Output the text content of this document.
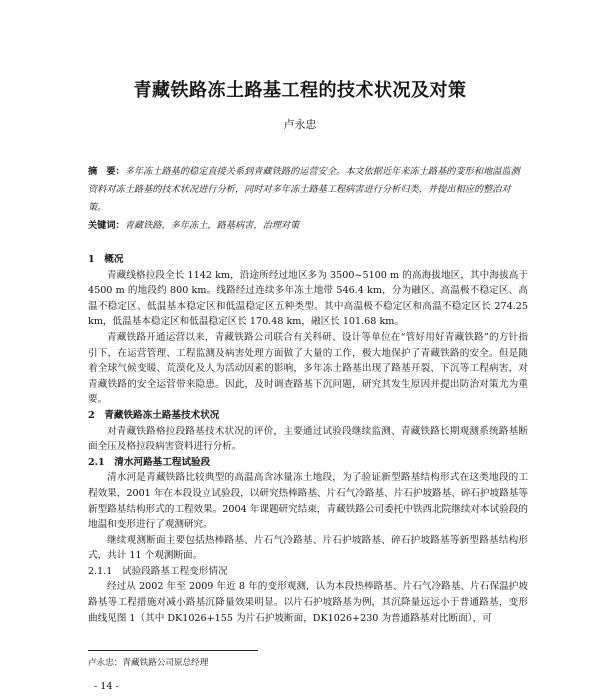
青藏铁路冻土路基工程的技术状况及对策
卢永忠

摘　要：多年冻土路基的稳定直接关系到青藏铁路的运营安全。本文依据近年来冻土路基的变形和地温监测资料对冻土路基的技术状况进行分析，同时对多年冻土路基工程病害进行分析归类，并提出相应的整治对策。

关键词：青藏铁路，多年冻土，路基病害，治理对策

1　概况

青藏线格拉段全长 1142 km，沿途所经过地区多为 3500~5100 m 的高海拔地区，其中海拔高于 4500 m 的地段约 800 km。线路经过连续多年冻土地带 546.4 km，分为融区、高温极不稳定区、高温不稳定区、低温基本稳定区和低温稳定区五种类型。其中高温极不稳定区和高温不稳定区长 274.25 km，低温基本稳定区和低温稳定区长 170.48 km，融区长 101.68 km。

青藏铁路开通运营以来，青藏铁路公司联合有关科研、设计等单位在“管好用好青藏铁路”的方针指引下，在运营管理、工程监测及病害处理方面做了大量的工作，极大地保护了青藏铁路的安全。但是随着全球气候变暖、荒漠化及人为活动因素的影响，多年冻土路基出现了路基开裂、下沉等工程病害，对青藏铁路的安全运营带来隐患。因此，及时调查路基下沉问题，研究其发生原因并提出防治对策尤为重要。

2　青藏铁路冻土路基技术状况

对青藏铁路格拉段路基技术状况的评价，主要通过试验段继续监测、青藏铁路长期观测系统路基断面全压及格拉段病害资料进行分析。

2.1　清水河路基工程试验段

清水河是青藏铁路比较典型的高温高含冰量冻土地段，为了验证新型路基结构形式在这类地段的工程效果，2001 年在本段设立试验段，以研究热棒路基、片石气冷路基、片石护坡路基、碎石护坡路基等新型路基结构形式的工程效果。2004 年课题研究结束，青藏铁路公司委托中铁西北院继续对本试验段的地温和变形进行了观测研究。

继续观测断面主要包括热棒路基、片石气冷路基、片石护坡路基、碎石护坡路基等新型路基结构形式，共计 11 个观测断面。

2.1.1　试验段路基工程变形情况

经过从 2002 年至 2009 年近 8 年的变形观测，认为本段热棒路基、片石气冷路基、片石保温护坡路基等工程措施对减小路基沉降量效果明显。以片石护坡路基为例，其沉降量远远小于普通路基，变形曲线见图 1（其中 DK1026+155 为片石护坡断面，DK1026+230 为普通路基对比断面），可

卢永忠：青藏铁路公司原总经理
- 14 -
